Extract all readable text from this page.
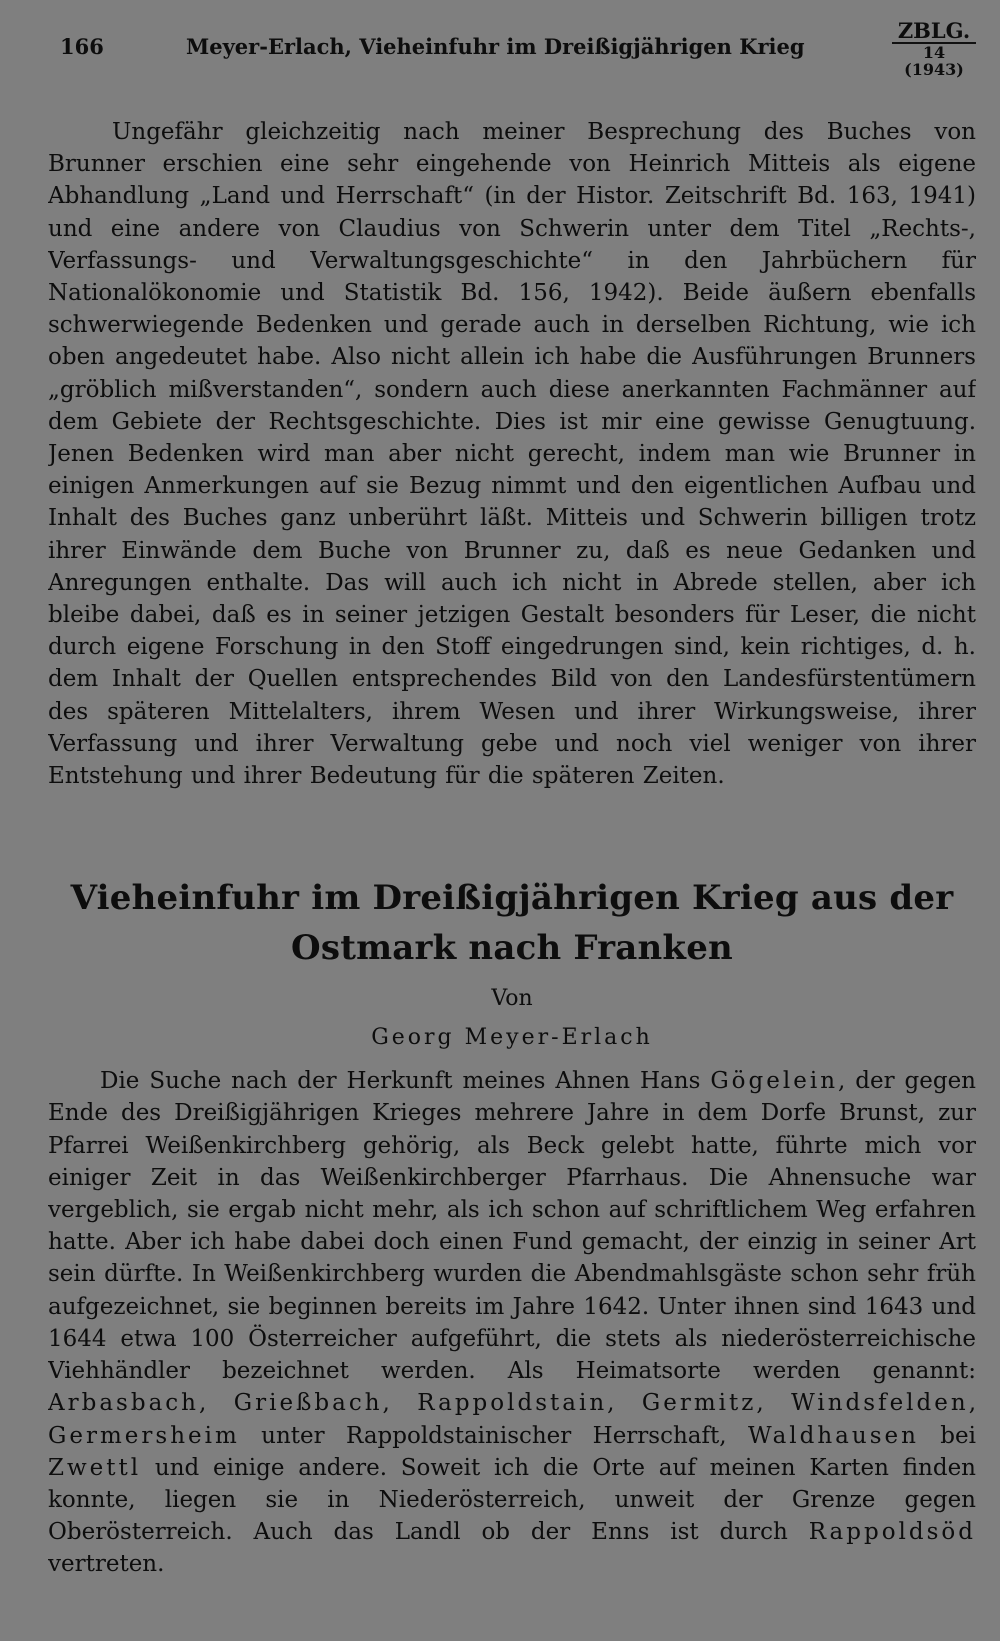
166	Meyer-Erlach, Vieheinfuhr im Dreißigjährigen Krieg
ZBLG.
14 (1943)

Ungefähr gleichzeitig nach meiner Besprechung des Buches von Brunner erschien eine sehr eingehende von Heinrich Mitteis als eigene Abhandlung „Land und Herrschaft“ (in der Histor. Zeitschrift Bd. 163, 1941) und eine andere von Claudius von Schwerin unter dem Titel „Rechts-, Verfassungs- und Verwaltungsgeschichte“ in den Jahrbüchern für Nationalökonomie und Statistik Bd. 156, 1942). Beide äußern ebenfalls schwerwiegende Bedenken und gerade auch in derselben Richtung, wie ich oben angedeutet habe. Also nicht allein ich habe die Ausführungen Brunners „gröblich mißverstanden“, sondern auch diese anerkannten Fachmänner auf dem Gebiete der Rechtsgeschichte. Dies ist mir eine gewisse Genugtuung. Jenen Bedenken wird man aber nicht gerecht, indem man wie Brunner in einigen Anmerkungen auf sie Bezug nimmt und den eigentlichen Aufbau und Inhalt des Buches ganz unberührt läßt. Mitteis und Schwerin billigen trotz ihrer Einwände dem Buche von Brunner zu, daß es neue Gedanken und Anregungen enthalte. Das will auch ich nicht in Abrede stellen, aber ich bleibe dabei, daß es in seiner jetzigen Gestalt besonders für Leser, die nicht durch eigene Forschung in den Stoff eingedrungen sind, kein richtiges, d. h. dem Inhalt der Quellen entsprechendes Bild von den Landesfürstentümern des späteren Mittelalters, ihrem Wesen und ihrer Wirkungsweise, ihrer Verfassung und ihrer Verwaltung gebe und noch viel weniger von ihrer Entstehung und ihrer Bedeutung für die späteren Zeiten.

Vieheinfuhr im Dreißigjährigen Krieg aus der Ostmark nach Franken
Von
Georg Meyer-Erlach

Die Suche nach der Herkunft meines Ahnen Hans Gögelein, der gegen Ende des Dreißigjährigen Krieges mehrere Jahre in dem Dorfe Brunst, zur Pfarrei Weißenkirchberg gehörig, als Beck gelebt hatte, führte mich vor einiger Zeit in das Weißenkirchberger Pfarrhaus. Die Ahnensuche war vergeblich, sie ergab nicht mehr, als ich schon auf schriftlichem Weg erfahren hatte. Aber ich habe dabei doch einen Fund gemacht, der einzig in seiner Art sein dürfte. In Weißenkirchberg wurden die Abendmahlsgäste schon sehr früh aufgezeichnet, sie beginnen bereits im Jahre 1642. Unter ihnen sind 1643 und 1644 etwa 100 Österreicher aufgeführt, die stets als niederösterreichische Viehhändler bezeichnet werden. Als Heimatsorte werden genannt: Arbasbach, Grießbach, Rappoldstain, Germitz, Windsfelden, Germersheim unter Rappoldstainischer Herrschaft, Waldhausen bei Zwettl und einige andere. Soweit ich die Orte auf meinen Karten finden konnte, liegen sie in Niederösterreich, unweit der Grenze gegen Oberösterreich. Auch das Landl ob der Enns ist durch Rappoldsöd vertreten.
